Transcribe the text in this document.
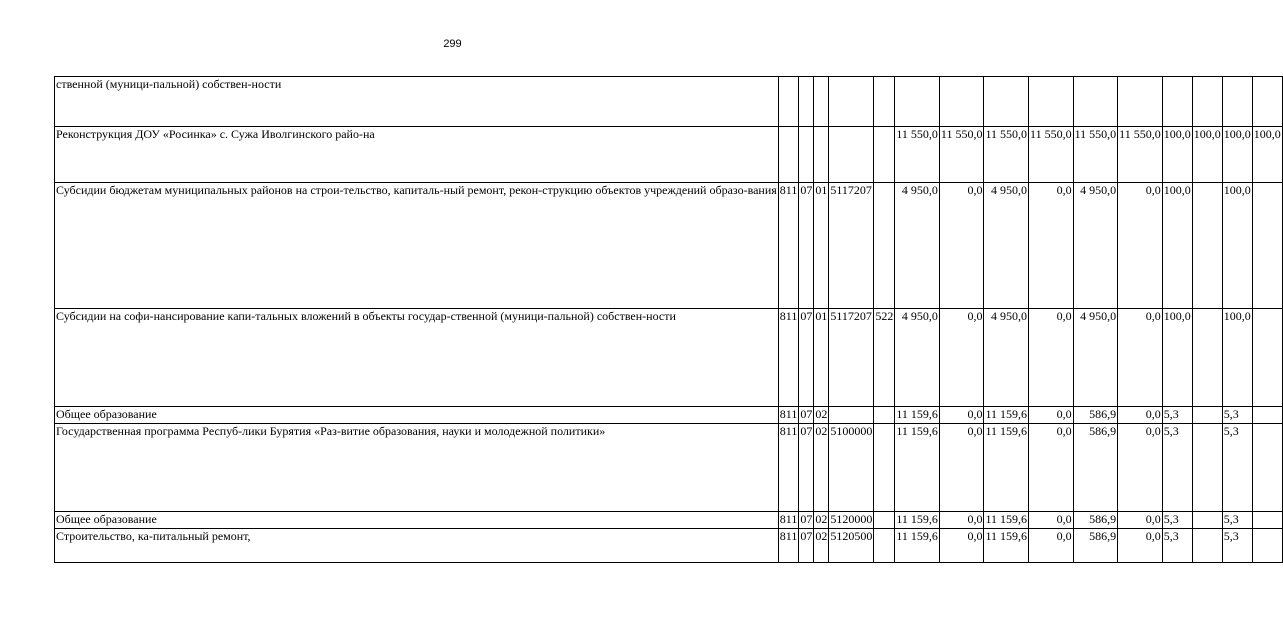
299
ственной (муници-пальной) собствен-ности															
Реконструкция ДОУ «Росинка» с. Сужа Иволгинского райо-на						11 550,0	11 550,0	11 550,0	11 550,0	11 550,0	11 550,0	100,0	100,0	100,0	100,0
Субсидии бюджетам муниципальных районов на строи-тельство, капиталь-ный ремонт, рекон-струкцию объектов учреждений образо-вания	811	07	01	5117207		4 950,0	0,0	4 950,0	0,0	4 950,0	0,0	100,0		100,0	
Субсидии на софи-нансирование капи-тальных вложений в объекты государ-ственной (муници-пальной) собствен-ности	811	07	01	5117207	522	4 950,0	0,0	4 950,0	0,0	4 950,0	0,0	100,0		100,0	
Общее образование	811	07	02			11 159,6	0,0	11 159,6	0,0	586,9	0,0	5,3		5,3	
Государственная программа Респуб-лики Бурятия «Раз-витие образования, науки и молодежной политики»	811	07	02	5100000		11 159,6	0,0	11 159,6	0,0	586,9	0,0	5,3		5,3	
Общее образование	811	07	02	5120000		11 159,6	0,0	11 159,6	0,0	586,9	0,0	5,3		5,3	
Строительство, ка-питальный ремонт,	811	07	02	5120500		11 159,6	0,0	11 159,6	0,0	586,9	0,0	5,3		5,3	
